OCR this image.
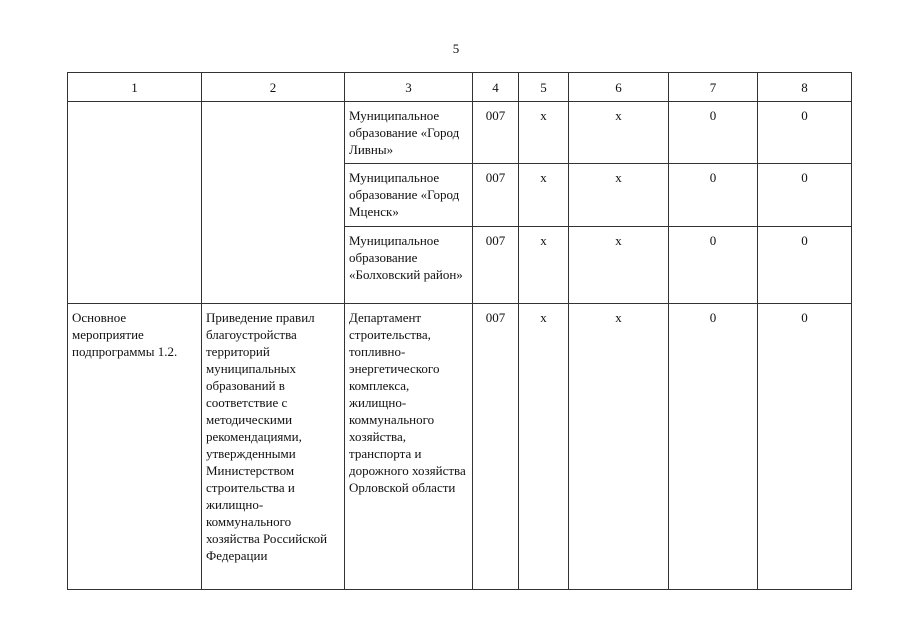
5
1	2	3	4	5	6	7	8
		Муниципальное образование «Город Ливны»	007	x	x	0	0
		Муниципальное образование «Город Мценск»	007	x	x	0	0
		Муниципальное образование «Болховский район»	007	x	x	0	0
Основное мероприятие подпрограммы 1.2.	Приведение правил благоустройства территорий муниципальных образований в соответствие с методическими рекомендациями, утвержденными Министерством строительства и жилищно-коммунального хозяйства Российской Федерации	Департамент строительства, топливно-энергетического комплекса, жилищно-коммунального хозяйства, транспорта и дорожного хозяйства Орловской области	007	x	x	0	0
